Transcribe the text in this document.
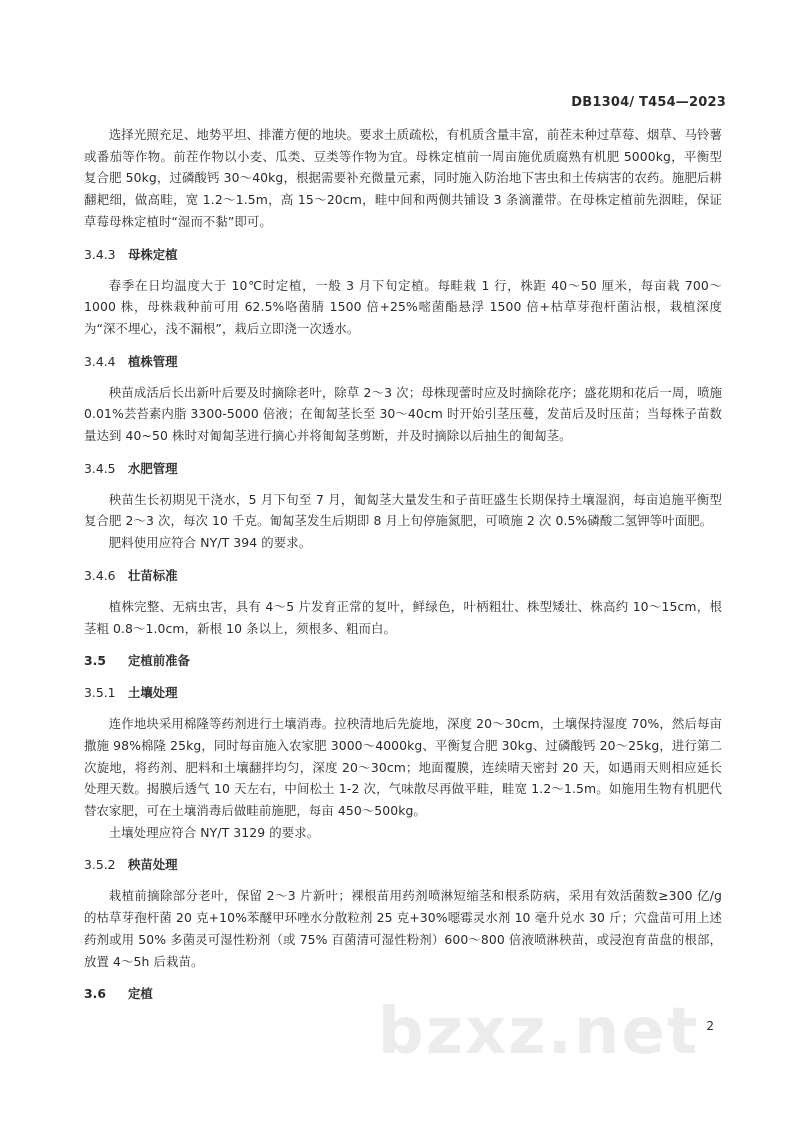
DB1304/ T454—2023

选择光照充足、地势平坦、排灌方便的地块。要求土质疏松，有机质含量丰富，前茬未种过草莓、烟草、马铃薯或番茄等作物。前茬作物以小麦、瓜类、豆类等作物为宜。母株定植前一周亩施优质腐熟有机肥 5000kg，平衡型复合肥 50kg，过磷酸钙 30～40kg，根据需要补充微量元素，同时施入防治地下害虫和土传病害的农药。施肥后耕翻耙细，做高畦，宽 1.2～1.5m，高 15～20cm，畦中间和两侧共铺设 3 条滴灌带。在母株定植前先洇畦，保证草莓母株定植时“湿而不黏”即可。

3.4.3	母株定植

春季在日均温度大于 10℃时定植，一般 3 月下旬定植。每畦栽 1 行，株距 40～50 厘米，每亩栽 700～1000 株，母株栽种前可用 62.5%咯菌腈 1500 倍+25%嘧菌酯悬浮 1500 倍+枯草芽孢杆菌沾根，栽植深度为“深不埋心，浅不漏根”，栽后立即浇一次透水。

3.4.4	植株管理

秧苗成活后长出新叶后要及时摘除老叶，除草 2～3 次；母株现蕾时应及时摘除花序；盛花期和花后一周，喷施 0.01%芸苔素内脂 3300-5000 倍液；在匍匐茎长至 30～40cm 时开始引茎压蔓，发苗后及时压苗；当每株子苗数量达到 40~50 株时对匍匐茎进行摘心并将匍匐茎剪断，并及时摘除以后抽生的匍匐茎。

3.4.5	水肥管理

秧苗生长初期见干浇水，5 月下旬至 7 月，匍匐茎大量发生和子苗旺盛生长期保持土壤湿润，每亩追施平衡型复合肥 2～3 次，每次 10 千克。匍匐茎发生后期即 8 月上旬停施氮肥，可喷施 2 次 0.5%磷酸二氢钾等叶面肥。

肥料使用应符合 NY/T 394 的要求。

3.4.6	壮苗标准

植株完整、无病虫害，具有 4～5 片发育正常的复叶，鲜绿色，叶柄粗壮、株型矮壮、株高约 10～15cm，根茎粗 0.8～1.0cm，新根 10 条以上，须根多、粗而白。

3.5	定植前准备
3.5.1	土壤处理

连作地块采用棉隆等药剂进行土壤消毒。拉秧清地后先旋地，深度 20～30cm，土壤保持湿度 70%，然后每亩撒施 98%棉隆 25kg，同时每亩施入农家肥 3000～4000kg、平衡复合肥 30kg、过磷酸钙 20～25kg，进行第二次旋地，将药剂、肥料和土壤翻拌均匀，深度 20～30cm；地面覆膜，连续晴天密封 20 天，如遇雨天则相应延长处理天数。揭膜后透气 10 天左右，中间松土 1-2 次，气味散尽再做平畦，畦宽 1.2～1.5m。如施用生物有机肥代替农家肥，可在土壤消毒后做畦前施肥，每亩 450～500kg。

土壤处理应符合 NY/T 3129 的要求。

3.5.2	秧苗处理

栽植前摘除部分老叶，保留 2～3 片新叶；裸根苗用药剂喷淋短缩茎和根系防病，采用有效活菌数≥300 亿/g 的枯草芽孢杆菌 20 克+10%苯醚甲环唑水分散粒剂 25 克+30%噁霉灵水剂 10 毫升兑水 30 斤；穴盘苗可用上述药剂或用 50% 多菌灵可湿性粉剂（或 75% 百菌清可湿性粉剂）600～800 倍液喷淋秧苗，或浸泡育苗盘的根部，放置 4～5h 后栽苗。

3.6	定植
bzxz.net 2
